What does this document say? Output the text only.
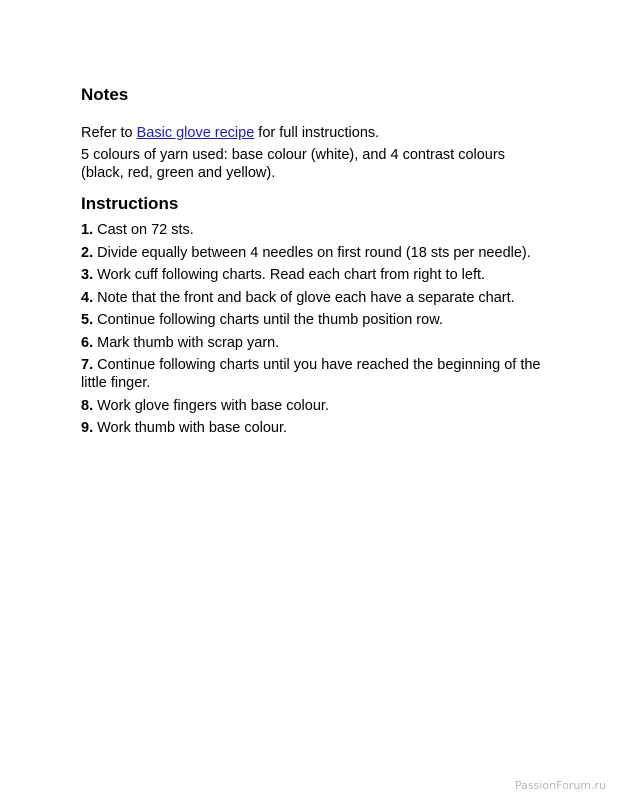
Notes

Refer to Basic glove recipe for full instructions.

5 colours of yarn used: base colour (white), and 4 contrast colours (black, red, green and yellow).

Instructions
1. Cast on 72 sts.
2. Divide equally between 4 needles on first round (18 sts per needle).
3. Work cuff following charts. Read each chart from right to left.
4. Note that the front and back of glove each have a separate chart.
5. Continue following charts until the thumb position row.
6. Mark thumb with scrap yarn.
7. Continue following charts until you have reached the beginning of the little finger.
8. Work glove fingers with base colour.
9. Work thumb with base colour.
PassionForum.ru
